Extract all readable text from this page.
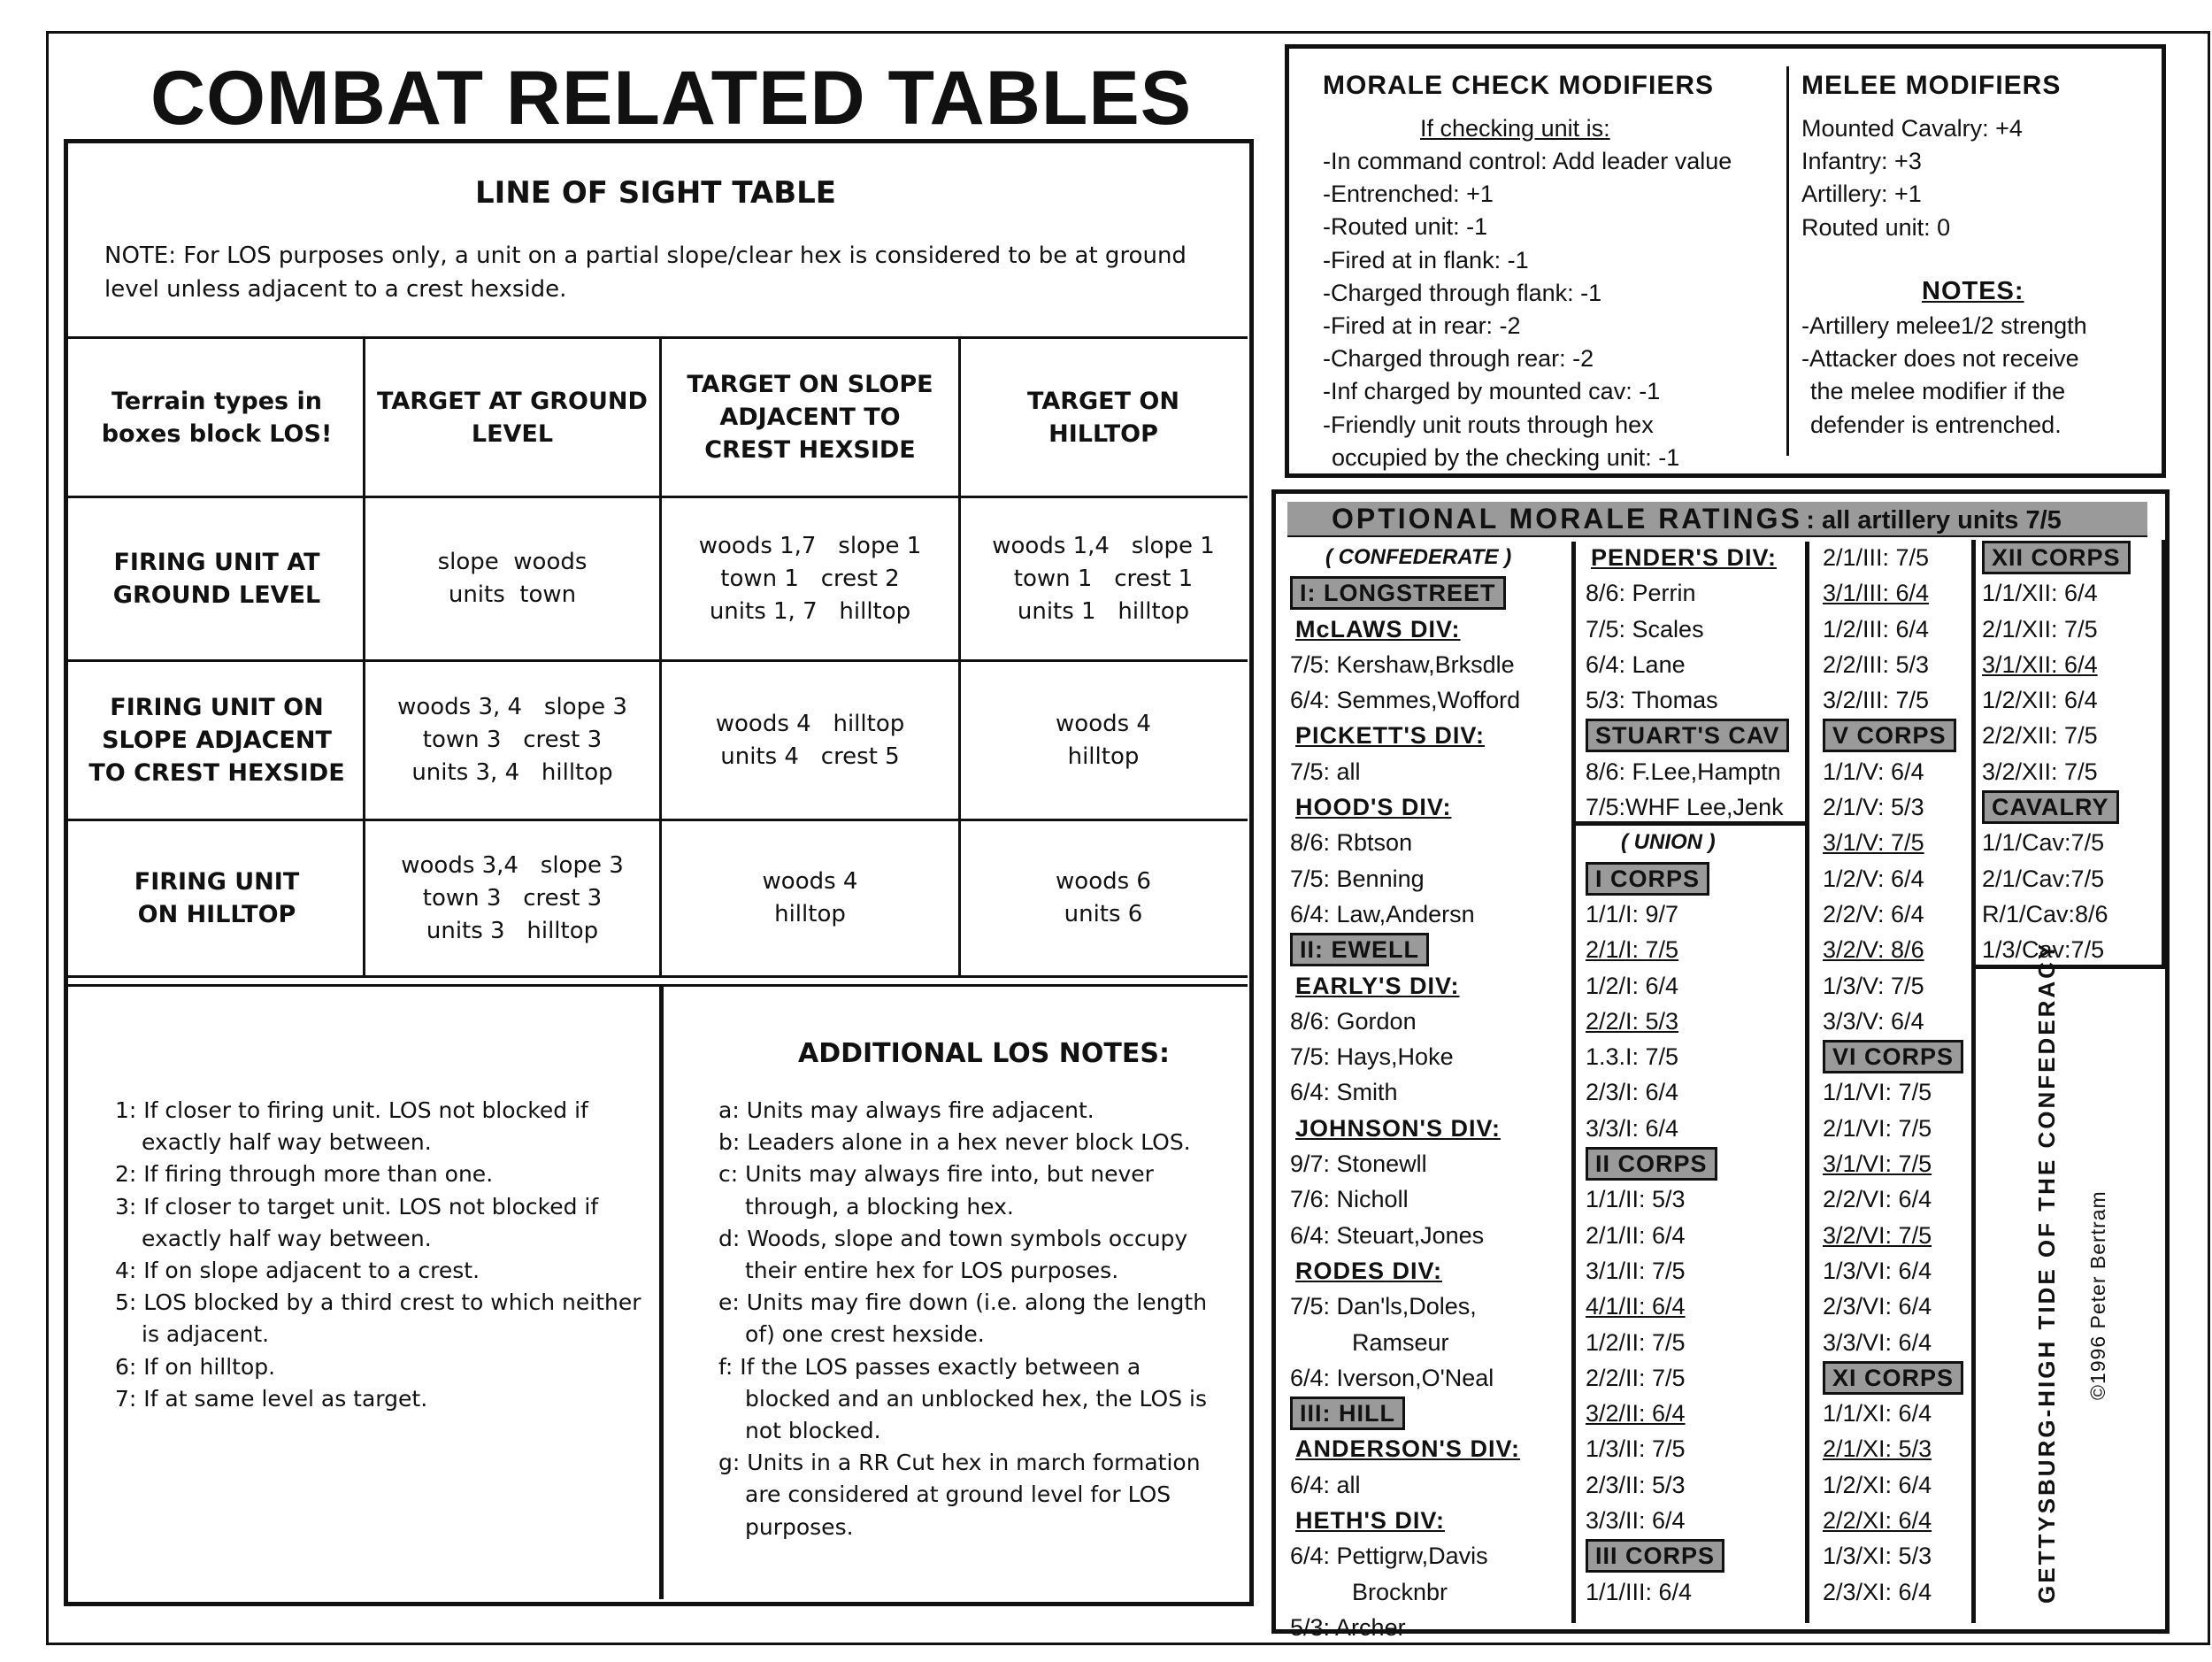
COMBAT RELATED TABLES
LINE OF SIGHT TABLE
NOTE: For LOS purposes only, a unit on a partial slope/clear hex is considered to be at ground level unless adjacent to a crest hexside.
Terrain types in boxes block LOS!
TARGET AT GROUND LEVEL
TARGET ON SLOPE ADJACENT TO CREST HEXSIDE
TARGET ON HILLTOP
FIRING UNIT AT GROUND LEVEL
slope  woods
units  town
woods 1,7   slope 1
town 1   crest 2
units 1, 7   hilltop
woods 1,4   slope 1
town 1   crest 1
units 1   hilltop
FIRING UNIT ON SLOPE ADJACENT TO CREST HEXSIDE
woods 3, 4   slope 3
town 3   crest 3
units 3, 4   hilltop
woods 4   hilltop
units 4   crest 5
woods 4
hilltop
FIRING UNIT ON HILLTOP
woods 3,4   slope 3
town 3   crest 3
units 3   hilltop
woods 4
hilltop
woods 6
units 6
1: If closer to firing unit. LOS not blocked if exactly half way between.
2: If firing through more than one.
3: If closer to target unit. LOS not blocked if exactly half way between.
4: If on slope adjacent to a crest.
5: LOS blocked by a third crest to which neither is adjacent.
6: If on hilltop.
7: If at same level as target.
ADDITIONAL LOS NOTES:
a: Units may always fire adjacent.
b: Leaders alone in a hex never block LOS.
c: Units may always fire into, but never through, a blocking hex.
d: Woods, slope and town symbols occupy their entire hex for LOS purposes.
e: Units may fire down (i.e. along the length of) one crest hexside.
f: If the LOS passes exactly between a blocked and an unblocked hex, the LOS is not blocked.
g: Units in a RR Cut hex in march formation are considered at ground level for LOS purposes.
MORALE CHECK MODIFIERS
If checking unit is:
-In command control: Add leader value
-Entrenched: +1
-Routed unit: -1
-Fired at in flank: -1
-Charged through flank: -1
-Fired at in rear: -2
-Charged through rear: -2
-Inf charged by mounted cav: -1
-Friendly unit routs through hex
occupied by the checking unit: -1
MELEE MODIFIERS
Mounted Cavalry: +4
Infantry: +3
Artillery: +1
Routed unit: 0
NOTES:
-Artillery melee1/2 strength
-Attacker does not receive
the melee modifier if the
defender is entrenched.
OPTIONAL MORALE RATINGS : all artillery units 7/5
( CONFEDERATE )
I: LONGSTREET
McLAWS DIV:
7/5: Kershaw,Brksdle
6/4: Semmes,Wofford
PICKETT'S DIV:
7/5: all
HOOD'S DIV:
8/6: Rbtson
7/5: Benning
6/4: Law,Andersn
II: EWELL
EARLY'S DIV:
8/6: Gordon
7/5: Hays,Hoke
6/4: Smith
JOHNSON'S DIV:
9/7: Stonewll
7/6: Nicholl
6/4: Steuart,Jones
RODES DIV:
7/5: Dan'ls,Doles,
Ramseur
6/4: Iverson,O'Neal
III: HILL
ANDERSON'S DIV:
6/4: all
HETH'S DIV:
6/4: Pettigrw,Davis
Brocknbr
5/3: Archer
PENDER'S DIV:
8/6: Perrin
7/5: Scales
6/4: Lane
5/3: Thomas
STUART'S CAV
8/6: F.Lee,Hamptn
7/5:WHF Lee,Jenk
( UNION )
I CORPS
1/1/I: 9/7
2/1/I: 7/5
1/2/I: 6/4
2/2/I: 5/3
1.3.I: 7/5
2/3/I: 6/4
3/3/I: 6/4
II CORPS
1/1/II: 5/3
2/1/II: 6/4
3/1/II: 7/5
4/1/II: 6/4
1/2/II: 7/5
2/2/II: 7/5
3/2/II: 6/4
1/3/II: 7/5
2/3/II: 5/3
3/3/II: 6/4
III CORPS
1/1/III: 6/4
2/1/III: 7/5
3/1/III: 6/4
1/2/III: 6/4
2/2/III: 5/3
3/2/III: 7/5
V CORPS
1/1/V: 6/4
2/1/V: 5/3
3/1/V: 7/5
1/2/V: 6/4
2/2/V: 6/4
3/2/V: 8/6
1/3/V: 7/5
3/3/V: 6/4
VI CORPS
1/1/VI: 7/5
2/1/VI: 7/5
3/1/VI: 7/5
2/2/VI: 6/4
3/2/VI: 7/5
1/3/VI: 6/4
2/3/VI: 6/4
3/3/VI: 6/4
XI CORPS
1/1/XI: 6/4
2/1/XI: 5/3
1/2/XI: 6/4
2/2/XI: 6/4
1/3/XI: 5/3
2/3/XI: 6/4
XII CORPS
1/1/XII: 6/4
2/1/XII: 7/5
3/1/XII: 6/4
1/2/XII: 6/4
2/2/XII: 7/5
3/2/XII: 7/5
CAVALRY
1/1/Cav:7/5
2/1/Cav:7/5
R/1/Cav:8/6
1/3/Cav:7/5
GETTYSBURG-HIGH TIDE OF THE CONFEDERACY ©1996 Peter Bertram
